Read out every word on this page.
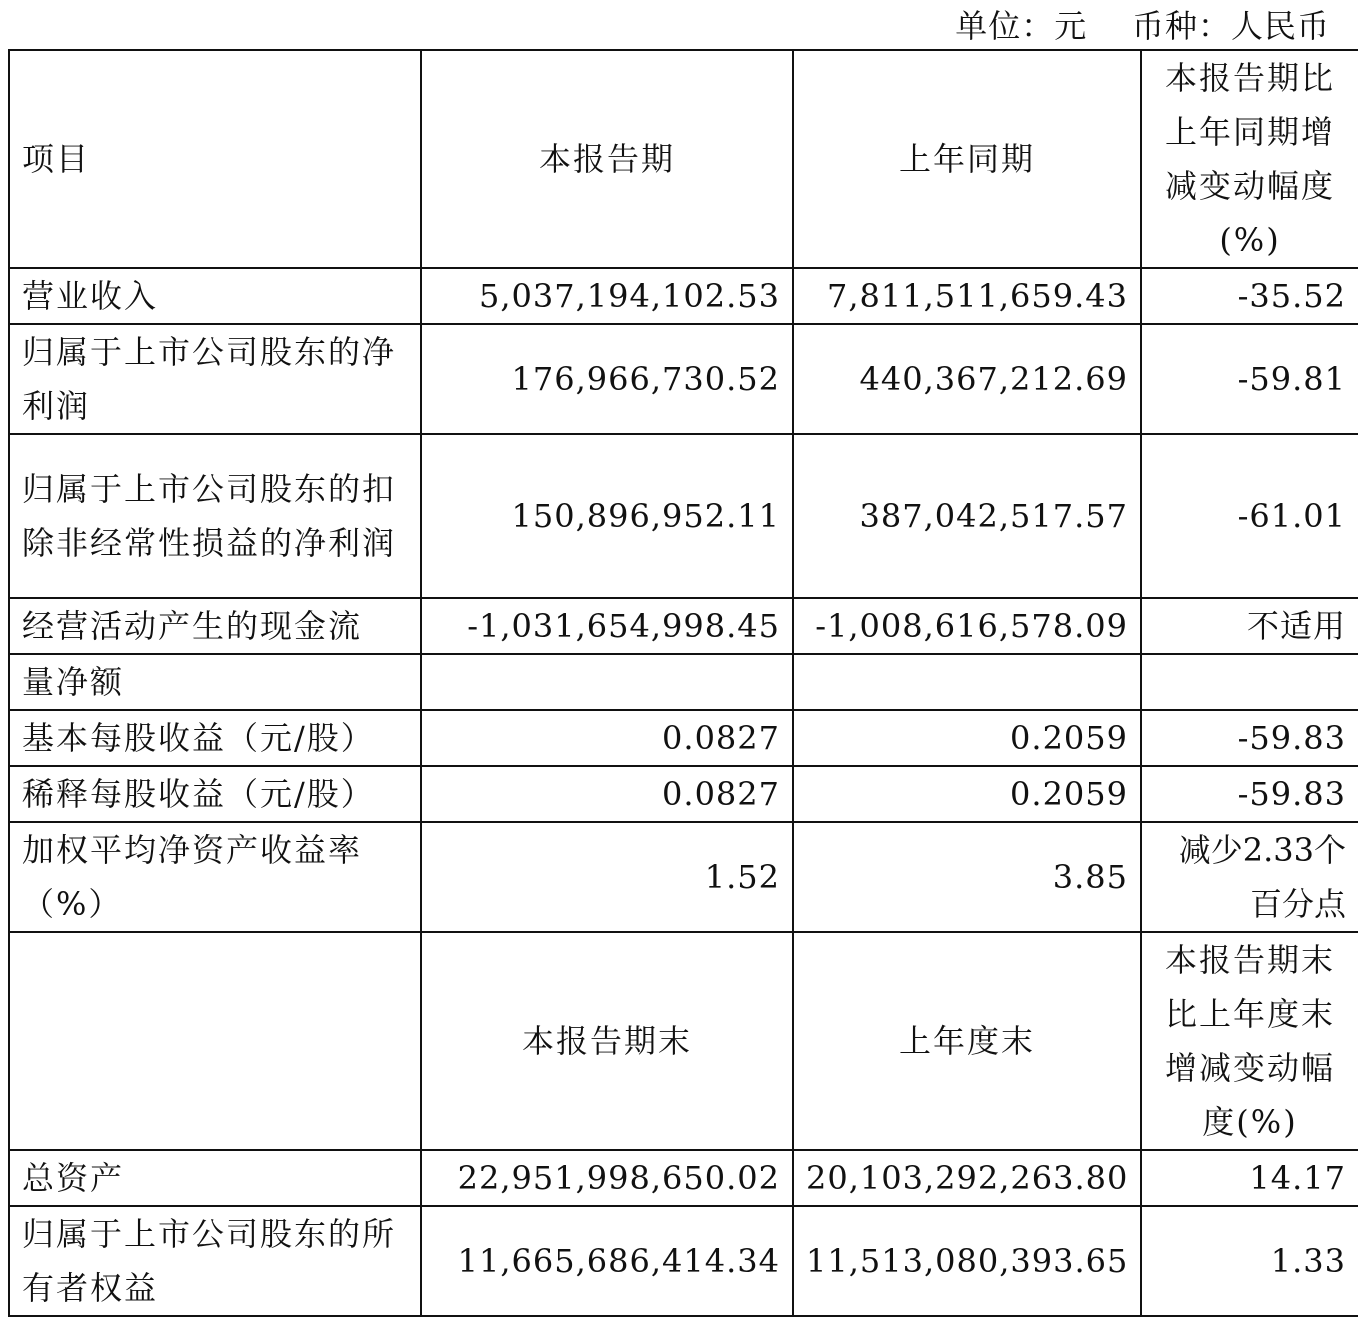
单位：元    币种：人民币
项目	本报告期	上年同期	本报告期比上年同期增减变动幅度(%)
营业收入	5,037,194,102.53	7,811,511,659.43	-35.52
归属于上市公司股东的净利润	176,966,730.52	440,367,212.69	-59.81
归属于上市公司股东的扣除非经常性损益的净利润	150,896,952.11	387,042,517.57	-61.01
经营活动产生的现金流	-1,031,654,998.45	-1,008,616,578.09	不适用
量净额			
基本每股收益（元/股）	0.0827	0.2059	-59.83
稀释每股收益（元/股）	0.0827	0.2059	-59.83
加权平均净资产收益率（%）	1.52	3.85	减少2.33个百分点
	本报告期末	上年度末	本报告期末比上年度末增减变动幅度(%)
总资产	22,951,998,650.02	20,103,292,263.80	14.17
归属于上市公司股东的所有者权益	11,665,686,414.34	11,513,080,393.65	1.33
